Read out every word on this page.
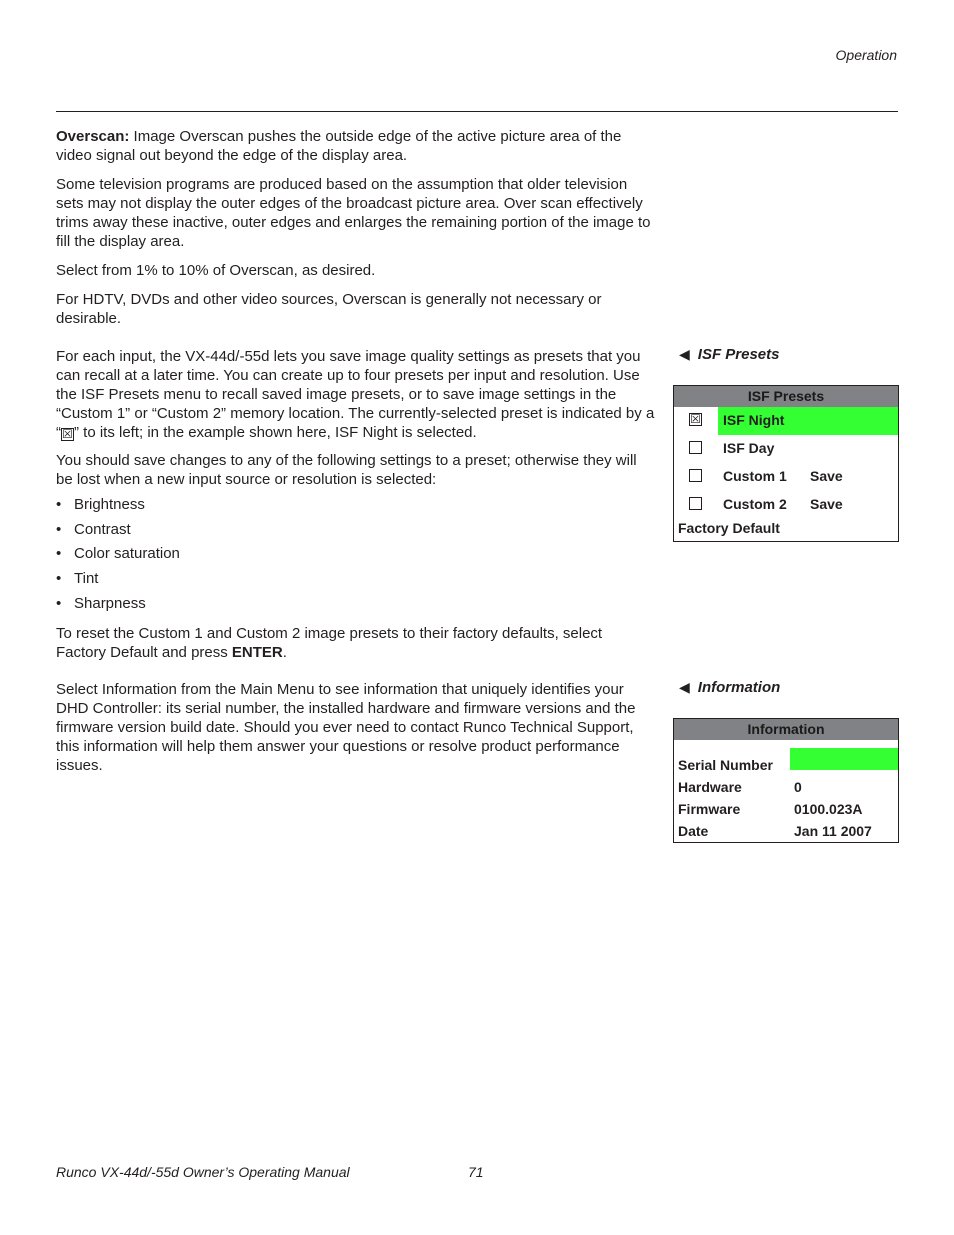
Operation

Overscan: Image Overscan pushes the outside edge of the active picture area of the video signal out beyond the edge of the display area.

Some television programs are produced based on the assumption that older television sets may not display the outer edges of the broadcast picture area. Over scan effectively trims away these inactive, outer edges and enlarges the remaining portion of the image to fill the display area.
Select from 1% to 10% of Overscan, as desired.
For HDTV, DVDs and other video sources, Overscan is generally not necessary or desirable.
◀ ISF Presets
For each input, the VX-44d/-55d lets you save image quality settings as presets that you can recall at a later time. You can create up to four presets per input and resolution. Use the ISF Presets menu to recall saved image presets, or to save image settings in the “Custom 1” or “Custom 2” memory location. The currently-selected preset is indicated by a “☒” to its left; in the example shown here, ISF Night is selected.
You should save changes to any of the following settings to a preset; otherwise they will be lost when a new input source or resolution is selected:
• Brightness
• Contrast
• Color saturation
• Tint
• Sharpness
To reset the Custom 1 and Custom 2 image presets to their factory defaults, select Factory Default and press ENTER.
ISF Presets
☒ ISF Night
ISF Day
Custom 1 Save
Custom 2 Save
Factory Default
◀ Information
Select Information from the Main Menu to see information that uniquely identifies your DHD Controller: its serial number, the installed hardware and firmware versions and the firmware version build date. Should you ever need to contact Runco Technical Support, this information will help them answer your questions or resolve product performance issues.
Information
Serial Number
Hardware	0
Firmware	0100.023A
Date	Jan 11 2007
Runco VX-44d/-55d Owner’s Operating Manual	71
